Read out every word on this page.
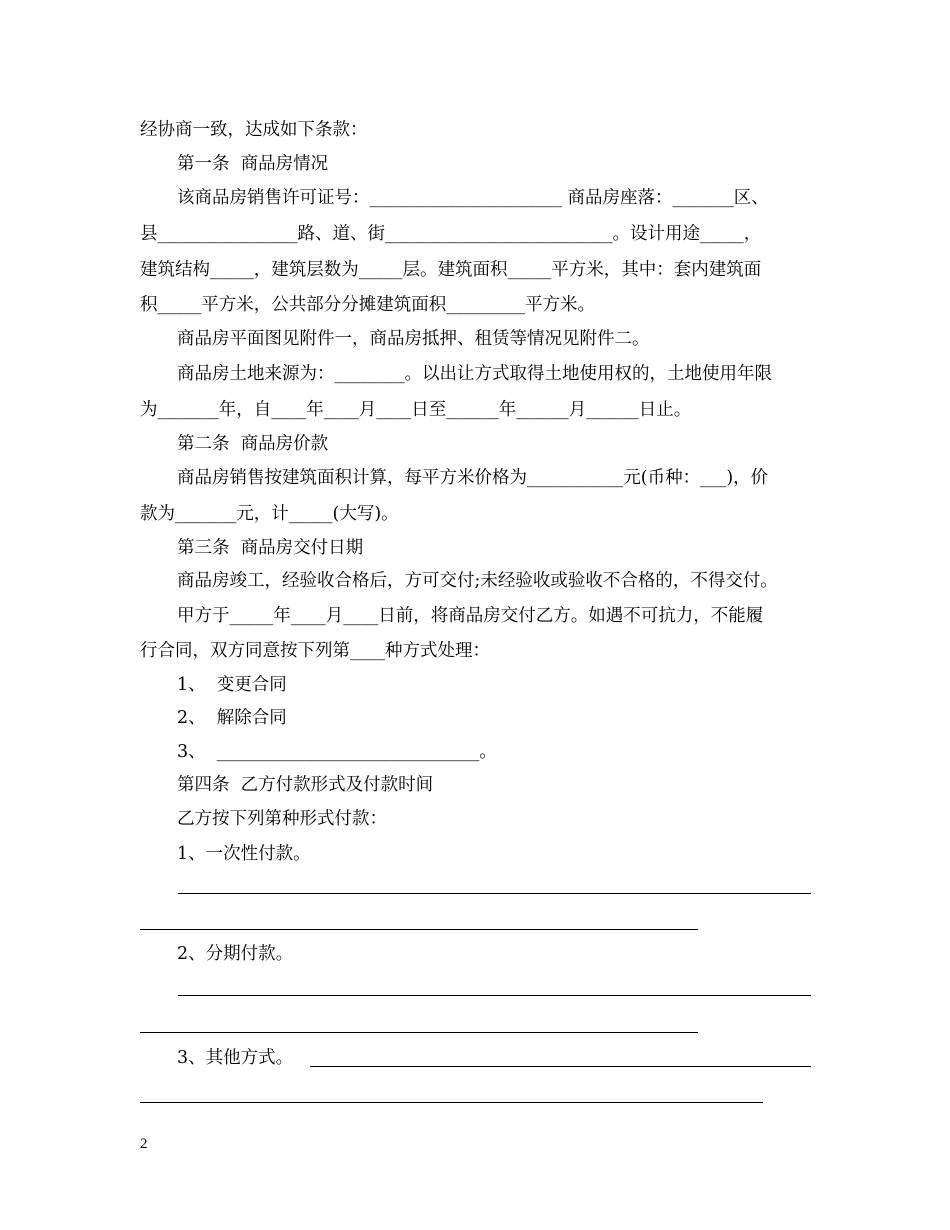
经协商一致，达成如下条款：
第一条  商品房情况
该商品房销售许可证号：______________________ 商品房座落：_______区、
县________________路、道、街__________________________。设计用途_____，
建筑结构_____，建筑层数为_____层。建筑面积_____平方米，其中：套内建筑面
积_____平方米，公共部分分摊建筑面积_________平方米。
商品房平面图见附件一，商品房抵押、租赁等情况见附件二。
商品房土地来源为：________。以出让方式取得土地使用权的，土地使用年限
为_______年，自____年____月____日至______年______月______日止。
第二条  商品房价款
商品房销售按建筑面积计算，每平方米价格为___________元(币种：___)，价
款为_______元，计_____(大写)。
第三条  商品房交付日期
商品房竣工，经验收合格后，方可交付;未经验收或验收不合格的，不得交付。
甲方于_____年____月____日前，将商品房交付乙方。如遇不可抗力，不能履
行合同，双方同意按下列第____种方式处理：
1、  变更合同
2、  解除合同
3、  ______________________________。
第四条  乙方付款形式及付款时间
乙方按下列第种形式付款：
1、一次性付款。
2、分期付款。
3、其他方式。
2
